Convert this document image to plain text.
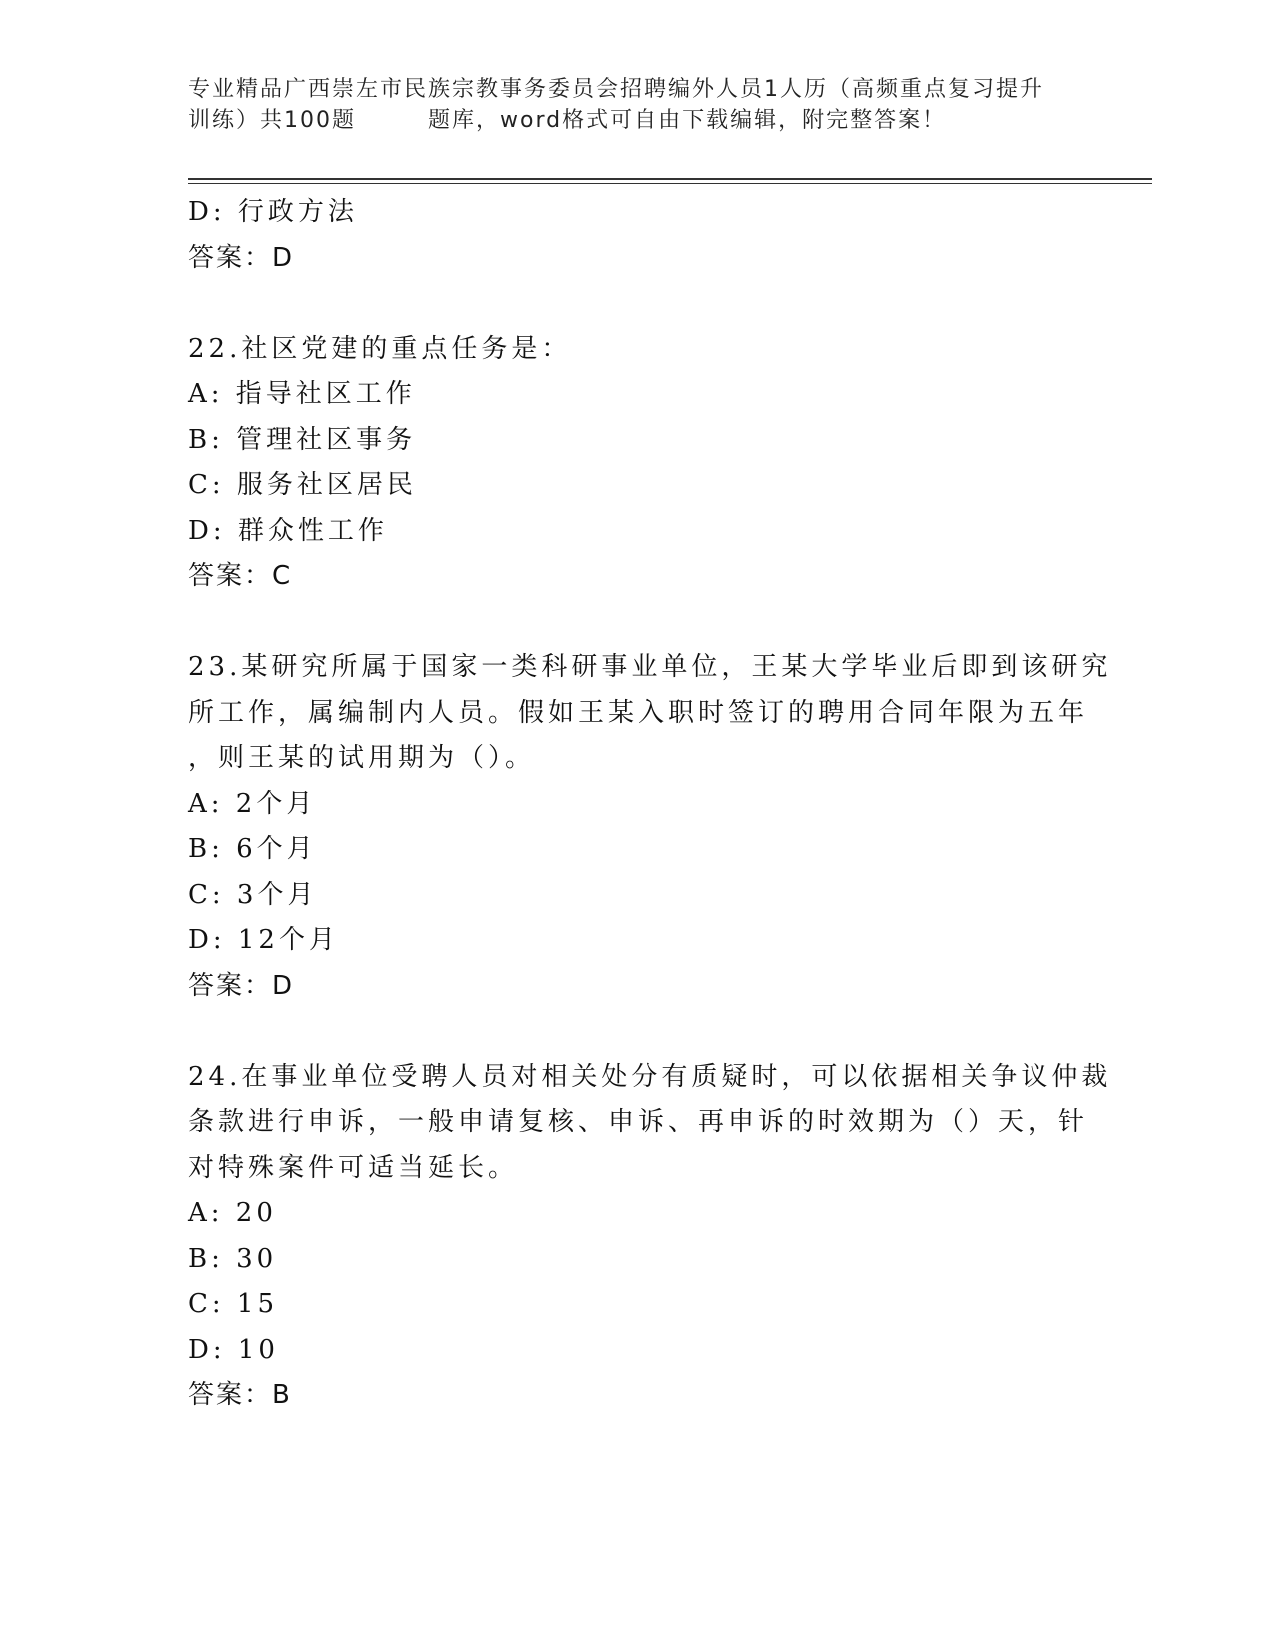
专业精品广西崇左市民族宗教事务委员会招聘编外人员1人历（高频重点复习提升
训练）共100题	题库，word格式可自由下载编辑，附完整答案！
D: 行政方法
答案：D
22.社区党建的重点任务是：
A: 指导社区工作
B: 管理社区事务
C: 服务社区居民
D: 群众性工作
答案：C
23.某研究所属于国家一类科研事业单位，王某大学毕业后即到该研究
所工作，属编制内人员。假如王某入职时签订的聘用合同年限为五年
，则王某的试用期为（）。
A: 2个月
B: 6个月
C: 3个月
D: 12个月
答案：D
24.在事业单位受聘人员对相关处分有质疑时，可以依据相关争议仲裁
条款进行申诉，一般申请复核、申诉、再申诉的时效期为（）天，针
对特殊案件可适当延长。
A: 20
B: 30
C: 15
D: 10
答案：B
